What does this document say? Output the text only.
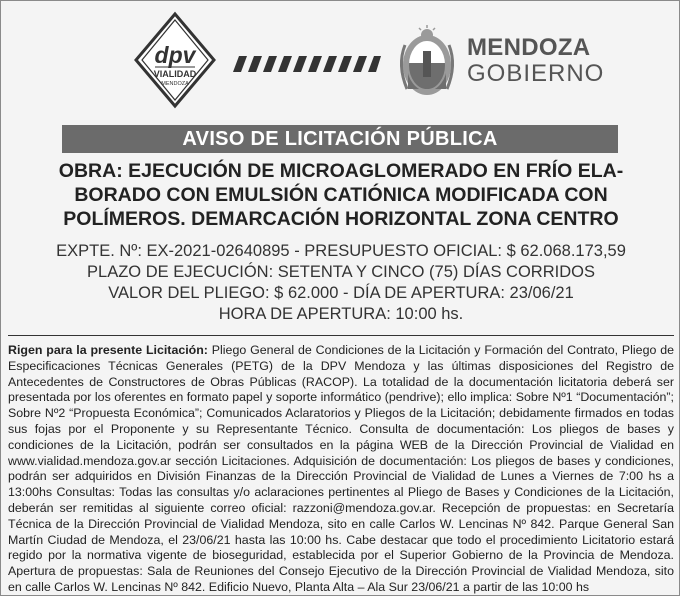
dpv
VIALIDAD
MENDOZA
MENDOZA
GOBIERNO
AVISO DE LICITACIÓN PÚBLICA
OBRA: EJECUCIÓN DE MICROAGLOMERADO EN FRÍO ELA-
BORADO CON EMULSIÓN CATIÓNICA MODIFICADA CON
POLÍMEROS. DEMARCACIÓN HORIZONTAL ZONA CENTRO
EXPTE. Nº: EX-2021-02640895 - PRESUPUESTO OFICIAL: $ 62.068.173,59
PLAZO DE EJECUCIÓN: SETENTA Y CINCO (75) DÍAS CORRIDOS
VALOR DEL PLIEGO: $ 62.000 - DÍA DE APERTURA: 23/06/21
HORA DE APERTURA: 10:00 hs.
Rigen para la presente Licitación: Pliego General de Condiciones de la Licitación y Formación del Contrato, Pliego de Especificaciones Técnicas Generales (PETG) de la DPV Mendoza y las últimas disposiciones del Registro de Antecedentes de Constructores de Obras Públicas (RACOP). La totalidad de la documentación licitatoria deberá ser presentada por los oferentes en formato papel y soporte informático (pendrive); ello implica: Sobre Nº1 “Documentación”; Sobre Nº2 “Propuesta Económica”; Comunicados Aclaratorios y Pliegos de la Licitación; debidamente firmados en todas sus fojas por el Proponente y su Representante Técnico. Consulta de documentación: Los pliegos de bases y condiciones de la Licitación, podrán ser consultados en la página WEB de la Dirección Provincial de Vialidad en www.vialidad.mendoza.gov.ar sección Licitaciones. Adquisición de documentación: Los pliegos de bases y condiciones, podrán ser adquiridos en División Finanzas de la Dirección Provincial de Vialidad de Lunes a Viernes de 7:00 hs a 13:00hs Consultas: Todas las consultas y/o aclaraciones pertinentes al Pliego de Bases y Condiciones de la Licitación, deberán ser remitidas al siguiente correo oficial: razzoni@mendoza.gov.ar. Recepción de propuestas: en Secretaría Técnica de la Dirección Provincial de Vialidad Mendoza, sito en calle Carlos W. Lencinas Nº 842. Parque General San Martín Ciudad de Mendoza, el 23/06/21 hasta las 10:00 hs. Cabe destacar que todo el procedimiento Licitatorio estará regido por la normativa vigente de bioseguridad, establecida por el Superior Gobierno de la Provincia de Mendoza. Apertura de propuestas: Sala de Reuniones del Consejo Ejecutivo de la Dirección Provincial de Vialidad Mendoza, sito en calle Carlos W. Lencinas Nº 842. Edificio Nuevo, Planta Alta – Ala Sur 23/06/21 a partir de las 10:00 hs
